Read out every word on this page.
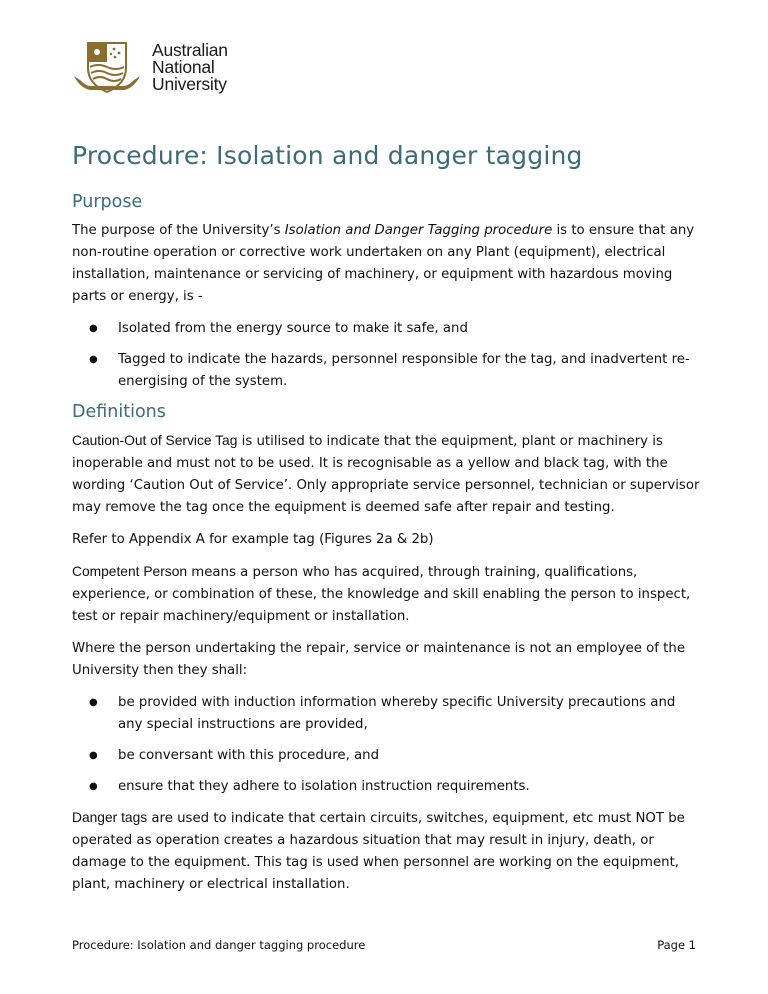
Australian
National
University
Procedure: Isolation and danger tagging
Purpose

The purpose of the University’s Isolation and Danger Tagging procedure is to ensure that any non-routine operation or corrective work undertaken on any Plant (equipment), electrical installation, maintenance or servicing of machinery, or equipment with hazardous moving parts or energy, is -

● Isolated from the energy source to make it safe, and
● Tagged to indicate the hazards, personnel responsible for the tag, and inadvertent re-energising of the system.
Definitions

Caution-Out of Service Tag is utilised to indicate that the equipment, plant or machinery is inoperable and must not to be used. It is recognisable as a yellow and black tag, with the wording ‘Caution Out of Service’. Only appropriate service personnel, technician or supervisor may remove the tag once the equipment is deemed safe after repair and testing.

Refer to Appendix A for example tag (Figures 2a & 2b)

Competent Person means a person who has acquired, through training, qualifications, experience, or combination of these, the knowledge and skill enabling the person to inspect, test or repair machinery/equipment or installation.

Where the person undertaking the repair, service or maintenance is not an employee of the University then they shall:

● be provided with induction information whereby specific University precautions and any special instructions are provided,
● be conversant with this procedure, and
● ensure that they adhere to isolation instruction requirements.

Danger tags are used to indicate that certain circuits, switches, equipment, etc must NOT be operated as operation creates a hazardous situation that may result in injury, death, or damage to the equipment. This tag is used when personnel are working on the equipment, plant, machinery or electrical installation.

Procedure: Isolation and danger tagging procedure	Page 1
